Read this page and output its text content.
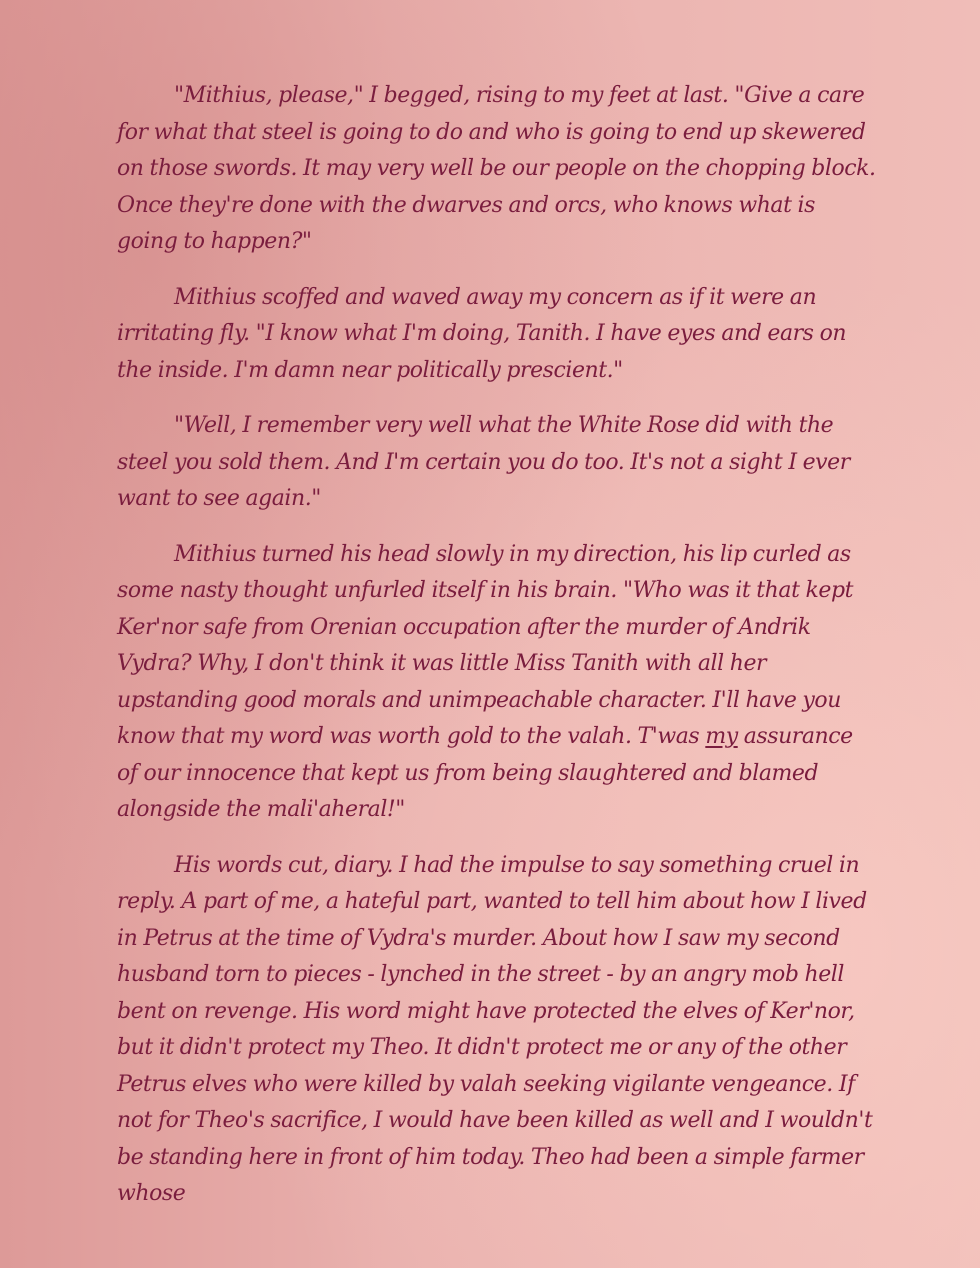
"Mithius, please," I begged, rising to my feet at last. "Give a care for what that steel is going to do and who is going to end up skewered on those swords. It may very well be our people on the chopping block. Once they're done with the dwarves and orcs, who knows what is going to happen?"

Mithius scoffed and waved away my concern as if it were an irritating fly. "I know what I'm doing, Tanith. I have eyes and ears on the inside. I'm damn near politically prescient."

"Well, I remember very well what the White Rose did with the steel you sold them. And I'm certain you do too. It's not a sight I ever want to see again."

Mithius turned his head slowly in my direction, his lip curled as some nasty thought unfurled itself in his brain. "Who was it that kept Ker'nor safe from Orenian occupation after the murder of Andrik Vydra? Why, I don't think it was little Miss Tanith with all her upstanding good morals and unimpeachable character. I'll have you know that my word was worth gold to the valah. T'was my assurance of our innocence that kept us from being slaughtered and blamed alongside the mali'aheral!"

His words cut, diary. I had the impulse to say something cruel in reply. A part of me, a hateful part, wanted to tell him about how I lived in Petrus at the time of Vydra's murder. About how I saw my second husband torn to pieces - lynched in the street - by an angry mob hell bent on revenge. His word might have protected the elves of Ker'nor, but it didn't protect my Theo. It didn't protect me or any of the other Petrus elves who were killed by valah seeking vigilante vengeance. If not for Theo's sacrifice, I would have been killed as well and I wouldn't be standing here in front of him today. Theo had been a simple farmer whose
